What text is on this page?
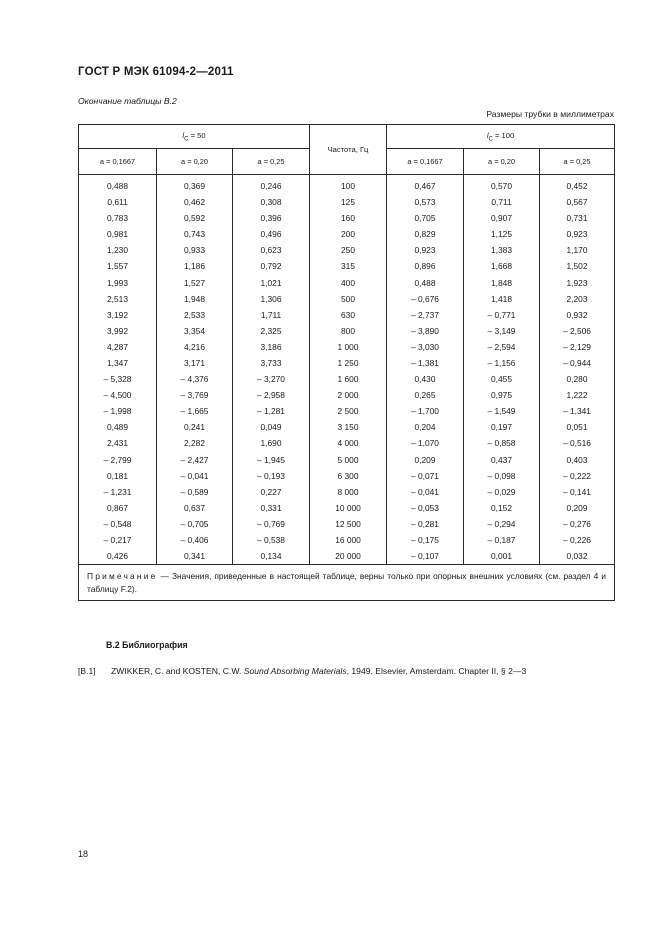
ГОСТ Р МЭК 61094-2—2011
Окончание таблицы В.2
Размеры трубки в миллиметрах
$l_C = 50$			Частота, Гц	$l_C = 100$		
a = 0,1667	a = 0,20	a = 0,25		a = 0,1667	a = 0,20	a = 0,25
0,488	0,369	0,246	100	0,467	0,570	0,452
0,611	0,462	0,308	125	0,573	0,711	0,567
0,783	0,592	0,396	160	0,705	0,907	0,731
0,981	0,743	0,496	200	0,829	1,125	0,923
1,230	0,933	0,623	250	0,923	1,383	1,170
1,557	1,186	0,792	315	0,896	1,668	1,502
1,993	1,527	1,021	400	0,488	1,848	1,923
2,513	1,948	1,306	500	– 0,676	1,418	2,203
3,192	2,533	1,711	630	– 2,737	– 0,771	0,932
3,992	3,354	2,325	800	– 3,890	– 3,149	– 2,506
4,287	4,216	3,186	1 000	– 3,030	– 2,594	– 2,129
1,347	3,171	3,733	1 250	– 1,381	– 1,156	– 0,944
– 5,328	– 4,376	– 3,270	1 600	0,430	0,455	0,280
– 4,500	– 3,769	– 2,958	2 000	0,265	0,975	1,222
– 1,998	– 1,665	– 1,281	2 500	– 1,700	– 1,549	– 1,341
0,489	0,241	0,049	3 150	0,204	0,197	0,051
2,431	2,282	1,690	4 000	– 1,070	– 0,858	– 0,516
– 2,799	– 2,427	– 1,945	5 000	0,209	0,437	0,403
0,181	– 0,041	– 0,193	6 300	– 0,071	– 0,098	– 0,222
– 1,231	– 0,589	0,227	8 000	– 0,041	– 0,029	– 0,141
0,867	0,637	0,331	10 000	– 0,053	0,152	0,209
– 0,548	– 0,705	– 0,769	12 500	– 0,281	– 0,294	– 0,276
– 0,217	– 0,406	– 0,538	16 000	– 0,175	– 0,187	– 0,226
0,426	0,341	0,134	20 000	– 0,107	0,001	0,032
Примечание — Значения, приведенные в настоящей таблице, верны только при опорных внешних условиях (см. раздел 4 и таблицу F.2).						
В.2 Библиография
[В.1] ZWIKKER, C. and KOSTEN, C.W. Sound Absorbing Materials, 1949. Elsevier, Amsterdam. Chapter II, § 2—3
18
